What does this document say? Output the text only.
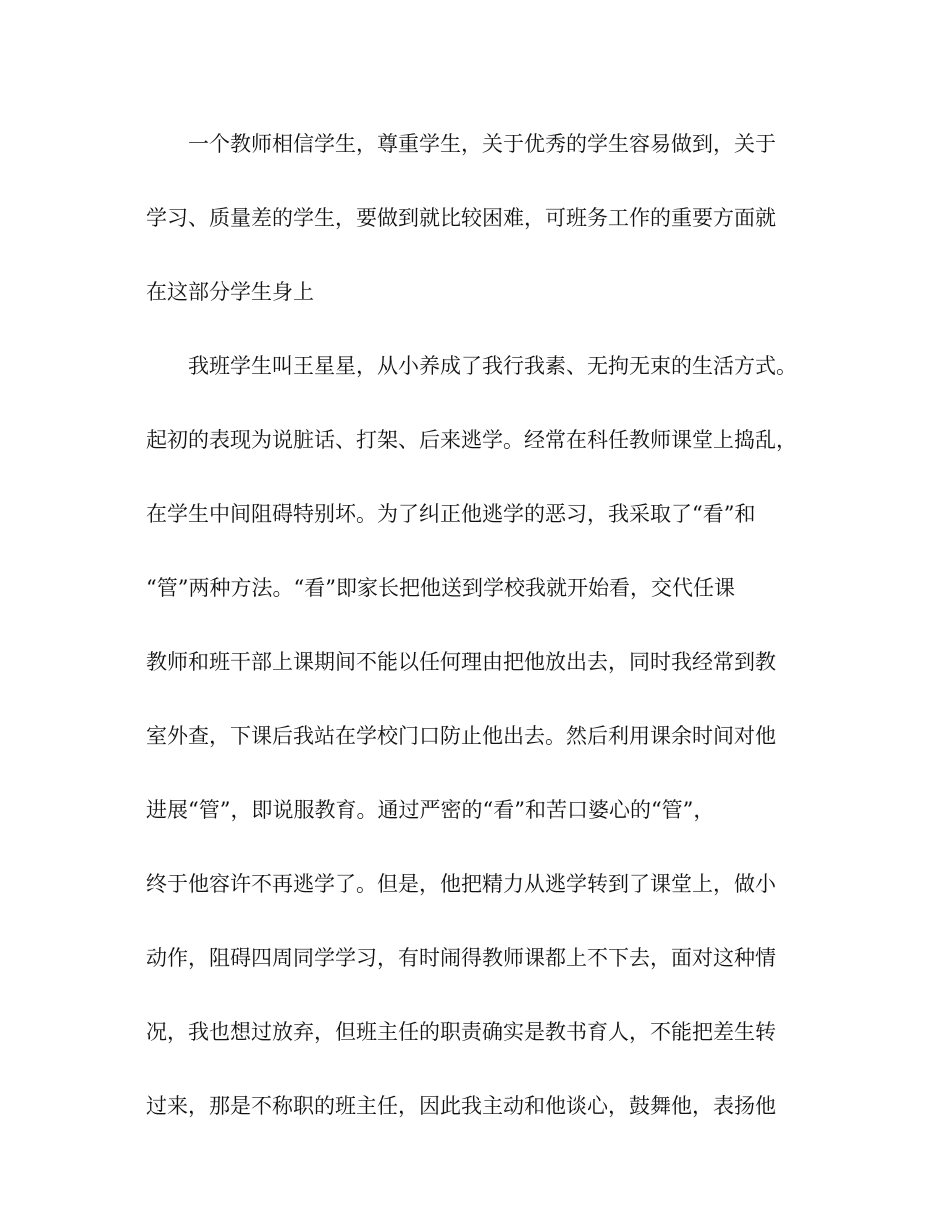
一个教师相信学生，尊重学生，关于优秀的学生容易做到，关于
学习、质量差的学生，要做到就比较困难，可班务工作的重要方面就
在这部分学生身上
我班学生叫王星星，从小养成了我行我素、无拘无束的生活方式。
起初的表现为说脏话、打架、后来逃学。经常在科任教师课堂上捣乱，
在学生中间阻碍特别坏。为了纠正他逃学的恶习，我采取了“看”和
“管”两种方法。“看”即家长把他送到学校我就开始看，交代任课
教师和班干部上课期间不能以任何理由把他放出去，同时我经常到教
室外查，下课后我站在学校门口防止他出去。然后利用课余时间对他
进展“管”，即说服教育。通过严密的“看”和苦口婆心的“管”，
终于他容许不再逃学了。但是，他把精力从逃学转到了课堂上，做小
动作，阻碍四周同学学习，有时闹得教师课都上不下去，面对这种情
况，我也想过放弃，但班主任的职责确实是教书育人，不能把差生转
过来，那是不称职的班主任，因此我主动和他谈心，鼓舞他，表扬他
